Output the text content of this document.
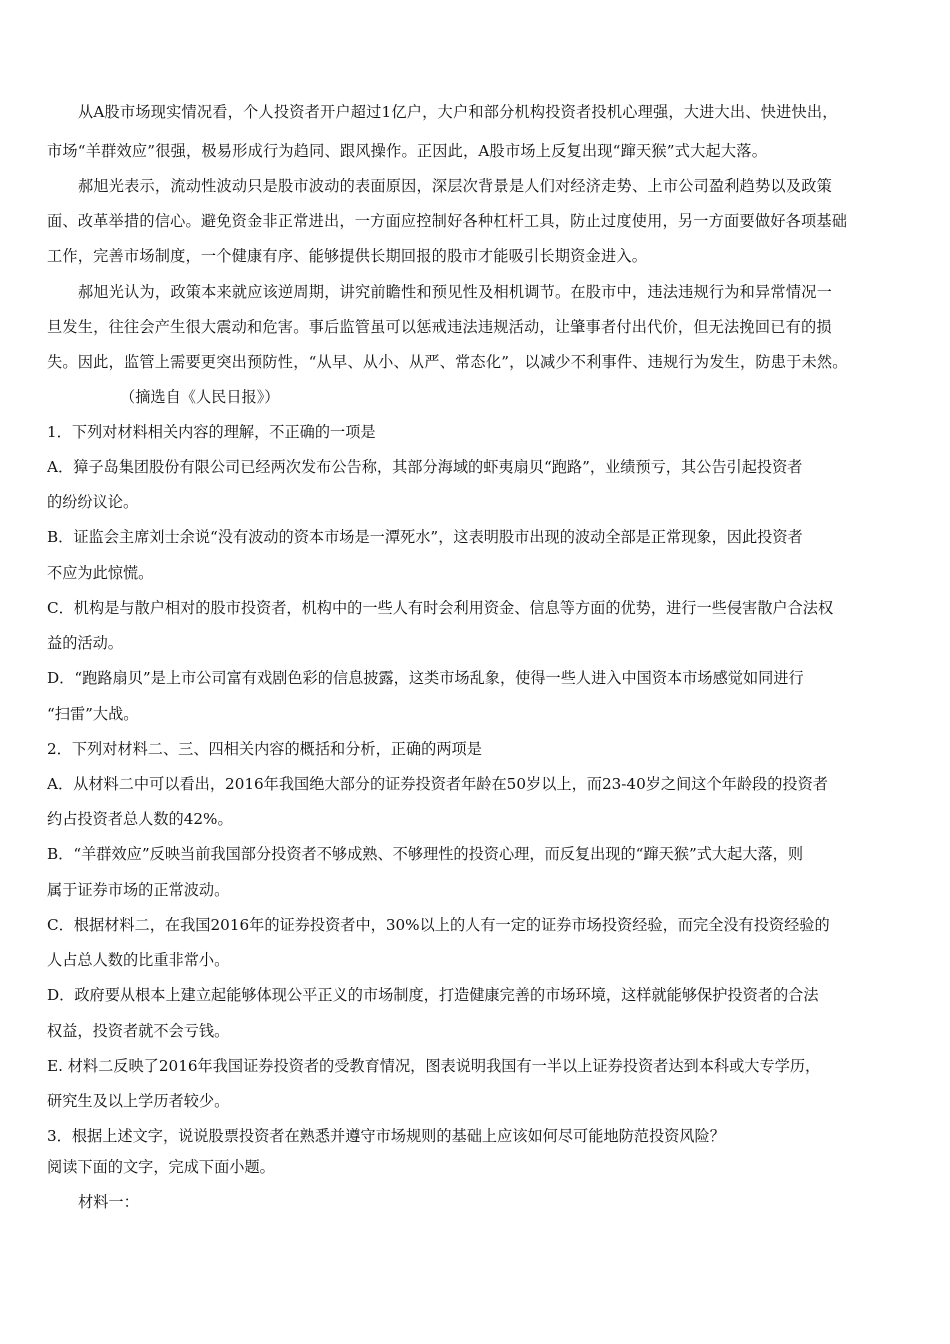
从A股市场现实情况看，个人投资者开户超过1亿户，大户和部分机构投资者投机心理强，大进大出、快进快出，
市场“羊群效应”很强，极易形成行为趋同、跟风操作。正因此，A股市场上反复出现“蹿天猴”式大起大落。
郝旭光表示，流动性波动只是股市波动的表面原因，深层次背景是人们对经济走势、上市公司盈利趋势以及政策
面、改革举措的信心。避免资金非正常进出，一方面应控制好各种杠杆工具，防止过度使用，另一方面要做好各项基础
工作，完善市场制度，一个健康有序、能够提供长期回报的股市才能吸引长期资金进入。
郝旭光认为，政策本来就应该逆周期，讲究前瞻性和预见性及相机调节。在股市中，违法违规行为和异常情况一
旦发生，往往会产生很大震动和危害。事后监管虽可以惩戒违法违规活动，让肇事者付出代价，但无法挽回已有的损
失。因此，监管上需要更突出预防性，“从早、从小、从严、常态化”，以减少不利事件、违规行为发生，防患于未然。
（摘选自《人民日报》）
1．下列对材料相关内容的理解，不正确的一项是
A．獐子岛集团股份有限公司已经两次发布公告称，其部分海域的虾夷扇贝“跑路”，业绩预亏，其公告引起投资者
的纷纷议论。
B．证监会主席刘士余说“没有波动的资本市场是一潭死水”，这表明股市出现的波动全部是正常现象，因此投资者
不应为此惊慌。
C．机构是与散户相对的股市投资者，机构中的一些人有时会利用资金、信息等方面的优势，进行一些侵害散户合法权
益的活动。
D．“跑路扇贝”是上市公司富有戏剧色彩的信息披露，这类市场乱象，使得一些人进入中国资本市场感觉如同进行
“扫雷”大战。
2．下列对材料二、三、四相关内容的概括和分析，正确的两项是
A．从材料二中可以看出，2016年我国绝大部分的证券投资者年龄在50岁以上，而23-40岁之间这个年龄段的投资者
约占投资者总人数的42%。
B．“羊群效应”反映当前我国部分投资者不够成熟、不够理性的投资心理，而反复出现的“蹿天猴”式大起大落，则
属于证券市场的正常波动。
C．根据材料二，在我国2016年的证券投资者中，30%以上的人有一定的证券市场投资经验，而完全没有投资经验的
人占总人数的比重非常小。
D．政府要从根本上建立起能够体现公平正义的市场制度，打造健康完善的市场环境，这样就能够保护投资者的合法
权益，投资者就不会亏钱。
E. 材料二反映了2016年我国证券投资者的受教育情况，图表说明我国有一半以上证券投资者达到本科或大专学历，
研究生及以上学历者较少。
3．根据上述文字，说说股票投资者在熟悉并遵守市场规则的基础上应该如何尽可能地防范投资风险？
阅读下面的文字，完成下面小题。
材料一：
